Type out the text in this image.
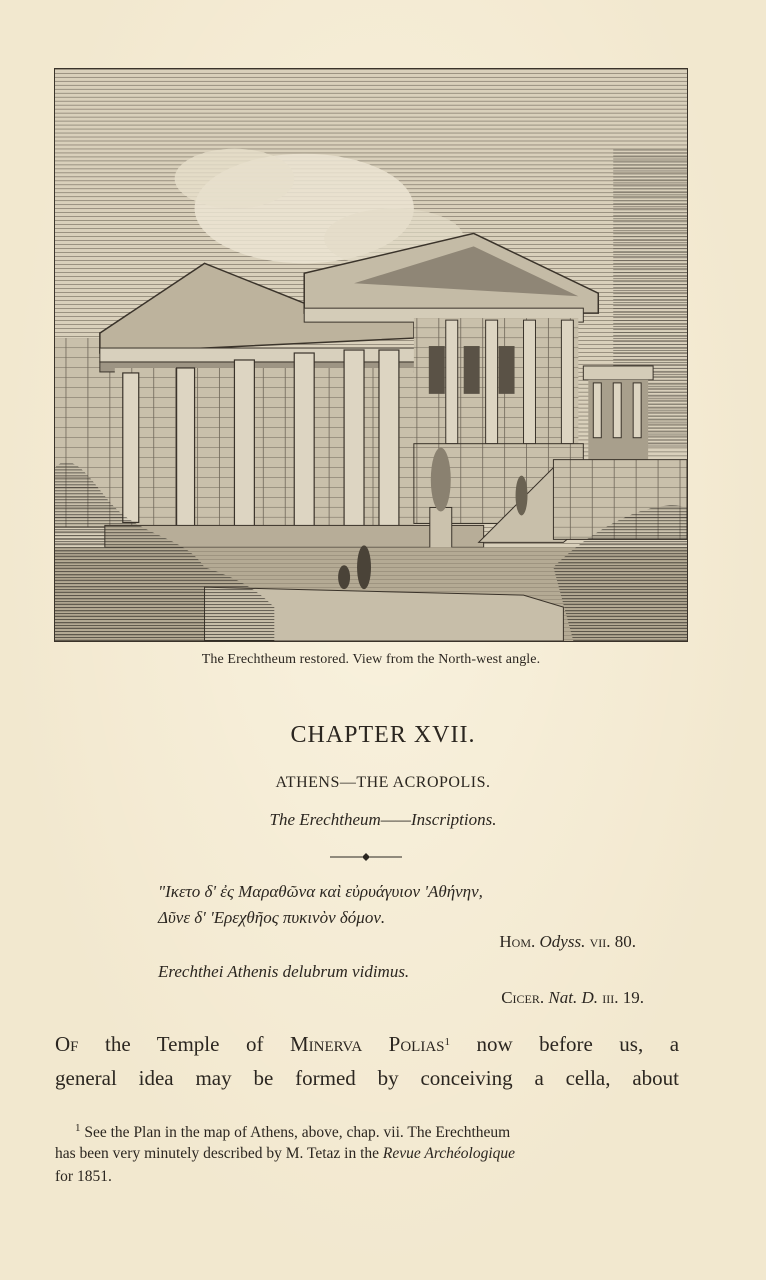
The Erechtheum restored. View from the North-west angle.
CHAPTER XVII.
ATHENS—THE ACROPOLIS.
The Erechtheum——Inscriptions.
"Ικετο δ' ἐς Μαραθῶνα καὶ εὐρυάγυιον 'Αθήνην,
Δῦνε δ' 'Ερεχθῆος πυκινὸν δόμον.
Hom. Odyss. vii. 80.
Erechthei Athenis delubrum vidimus.
Cicer. Nat. D. iii. 19.
Of the Temple of Minerva Polias$^1$ now before us, a
general idea may be formed by conceiving a cella, about
$^1$ See the Plan in the map of Athens, above, chap. vii. The Erechtheum
has been very minutely described by M. Tetaz in the Revue Archéologique
for 1851.
